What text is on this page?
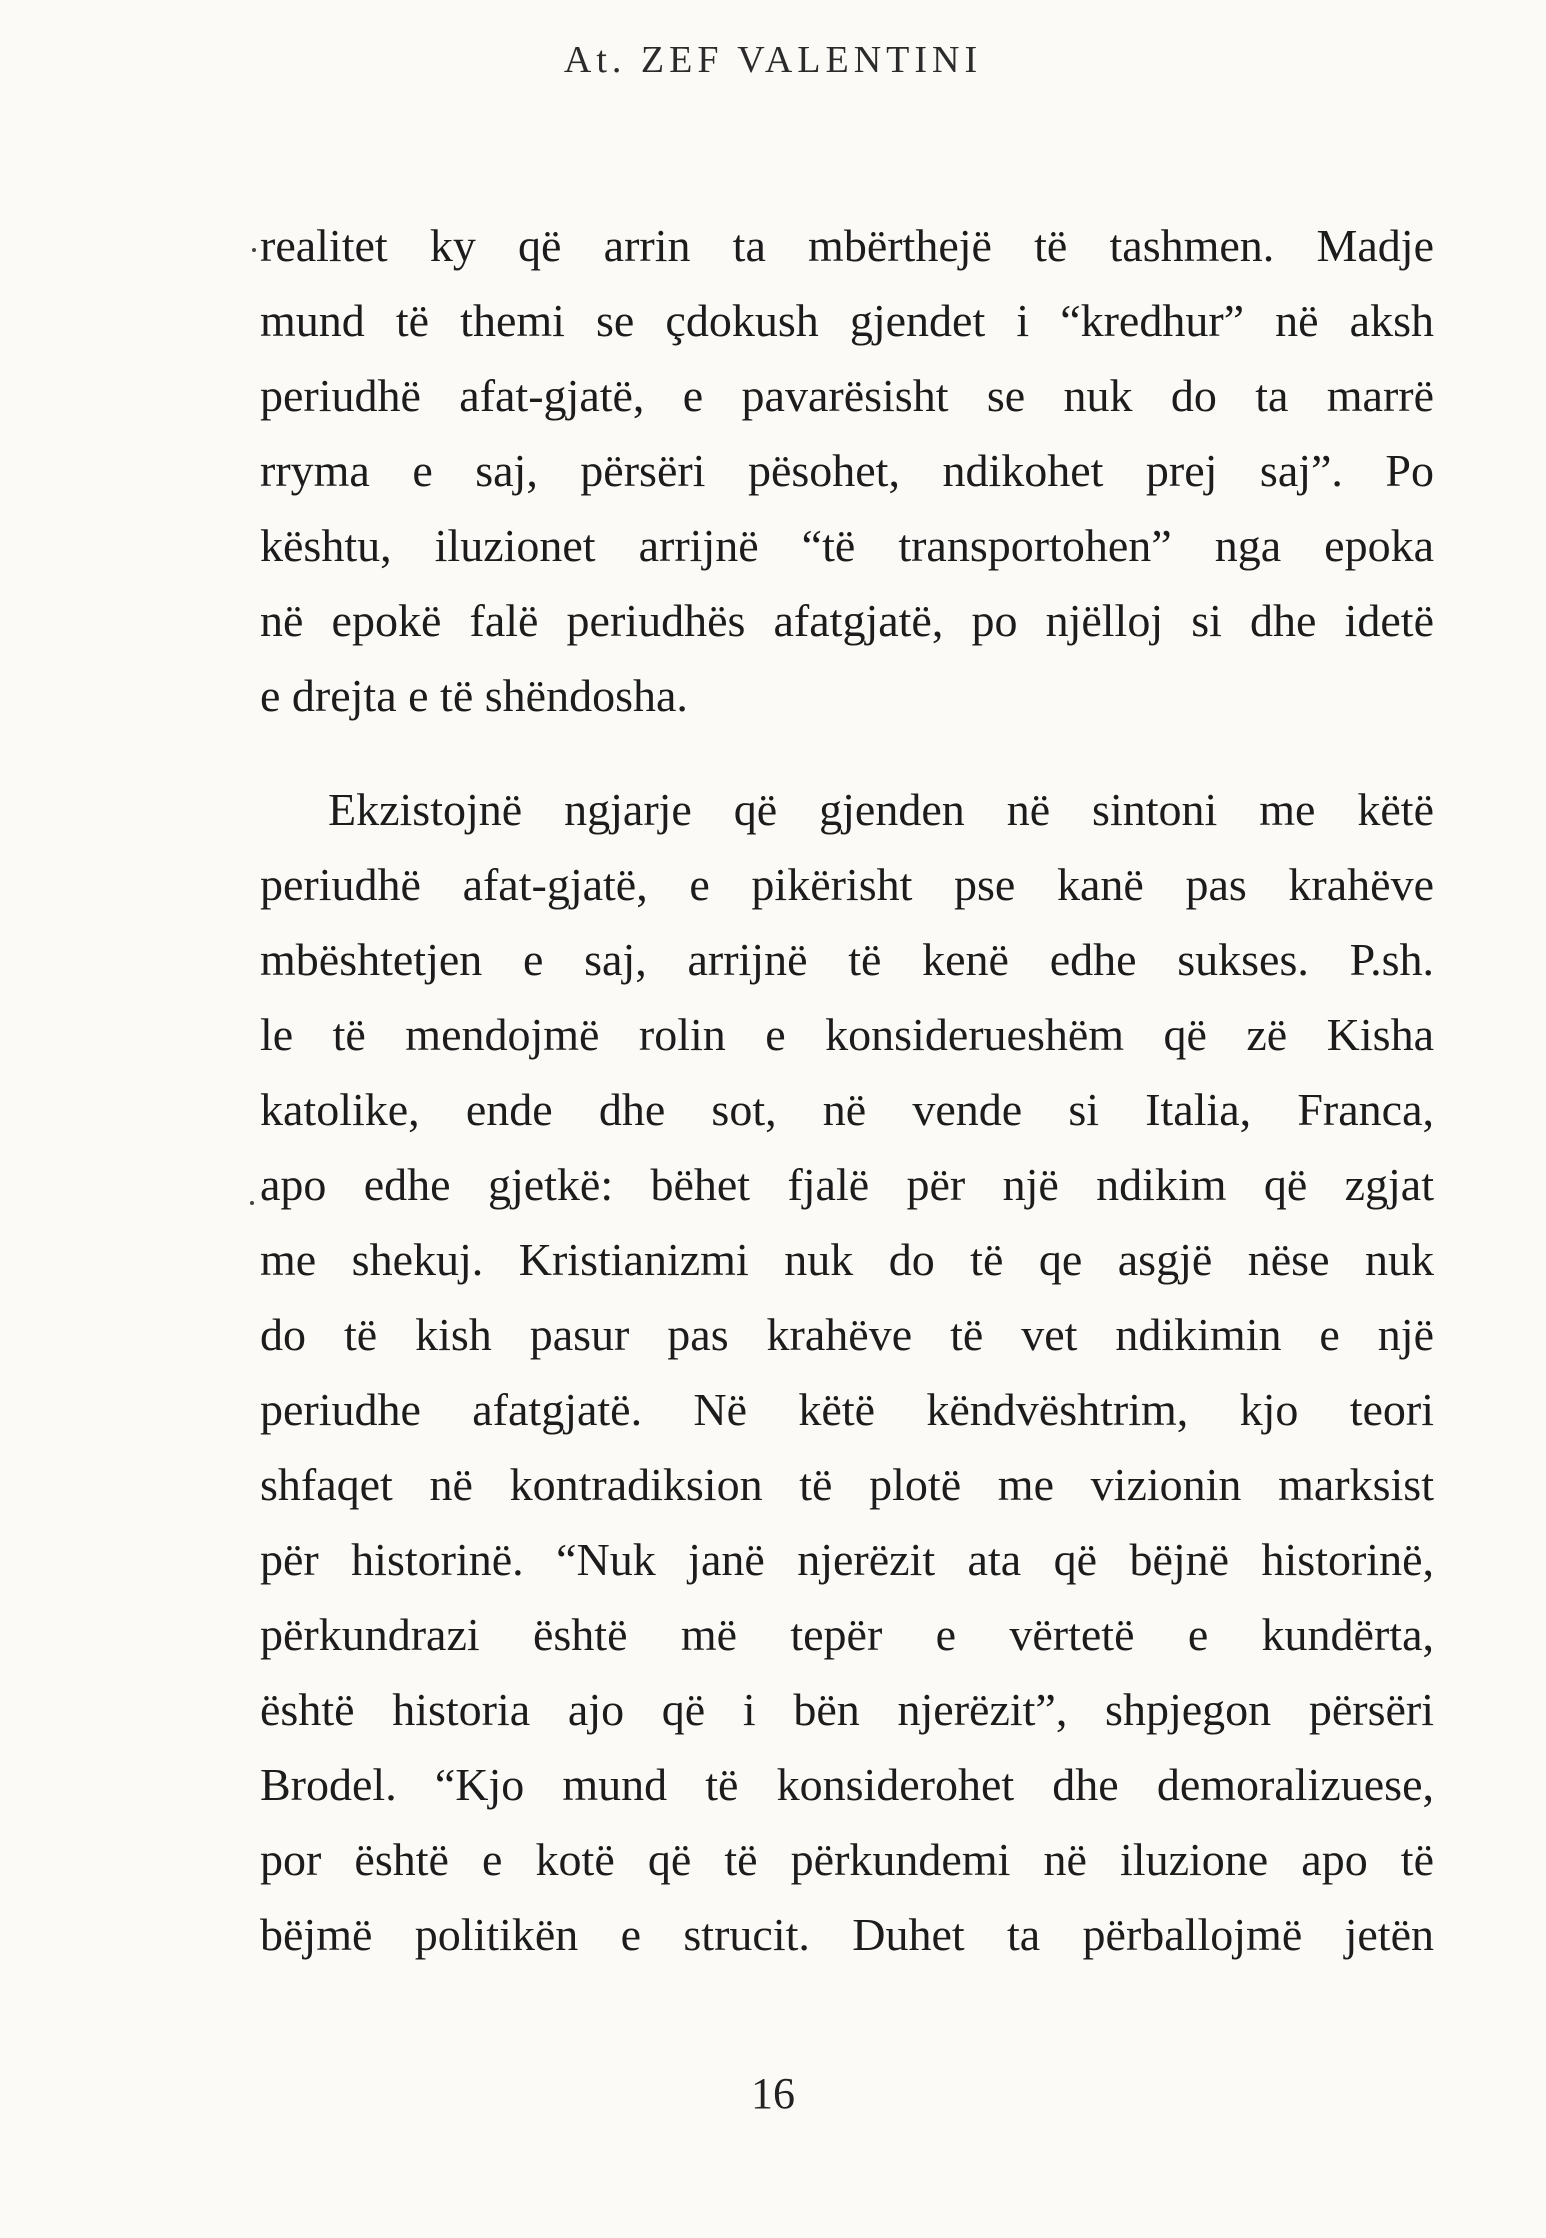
At. ZEF VALENTINI
realitet ky që arrin ta mbërthejë të tashmen. Madje
mund të themi se çdokush gjendet i “kredhur” në aksh
periudhë afat-gjatë, e pavarësisht se nuk do ta marrë
rryma e saj, përsëri pësohet, ndikohet prej saj”. Po
kështu, iluzionet arrijnë “të transportohen” nga epoka
në epokë falë periudhës afatgjatë, po njëlloj si dhe idetë
e drejta e të shëndosha.
Ekzistojnë ngjarje që gjenden në sintoni me këtë
periudhë afat-gjatë, e pikërisht pse kanë pas krahëve
mbështetjen e saj, arrijnë të kenë edhe sukses. P.sh.
le të mendojmë rolin e konsiderueshëm që zë Kisha
katolike, ende dhe sot, në vende si Italia, Franca,
apo edhe gjetkë: bëhet fjalë për një ndikim që zgjat
me shekuj. Kristianizmi nuk do të qe asgjë nëse nuk
do të kish pasur pas krahëve të vet ndikimin e një
periudhe afatgjatë. Në këtë këndvështrim, kjo teori
shfaqet në kontradiksion të plotë me vizionin marksist
për historinë. “Nuk janë njerëzit ata që bëjnë historinë,
përkundrazi është më tepër e vërtetë e kundërta,
është historia ajo që i bën njerëzit”, shpjegon përsëri
Brodel. “Kjo mund të konsiderohet dhe demoralizuese,
por është e kotë që të përkundemi në iluzione apo të
bëjmë politikën e strucit. Duhet ta përballojmë jetën
16
